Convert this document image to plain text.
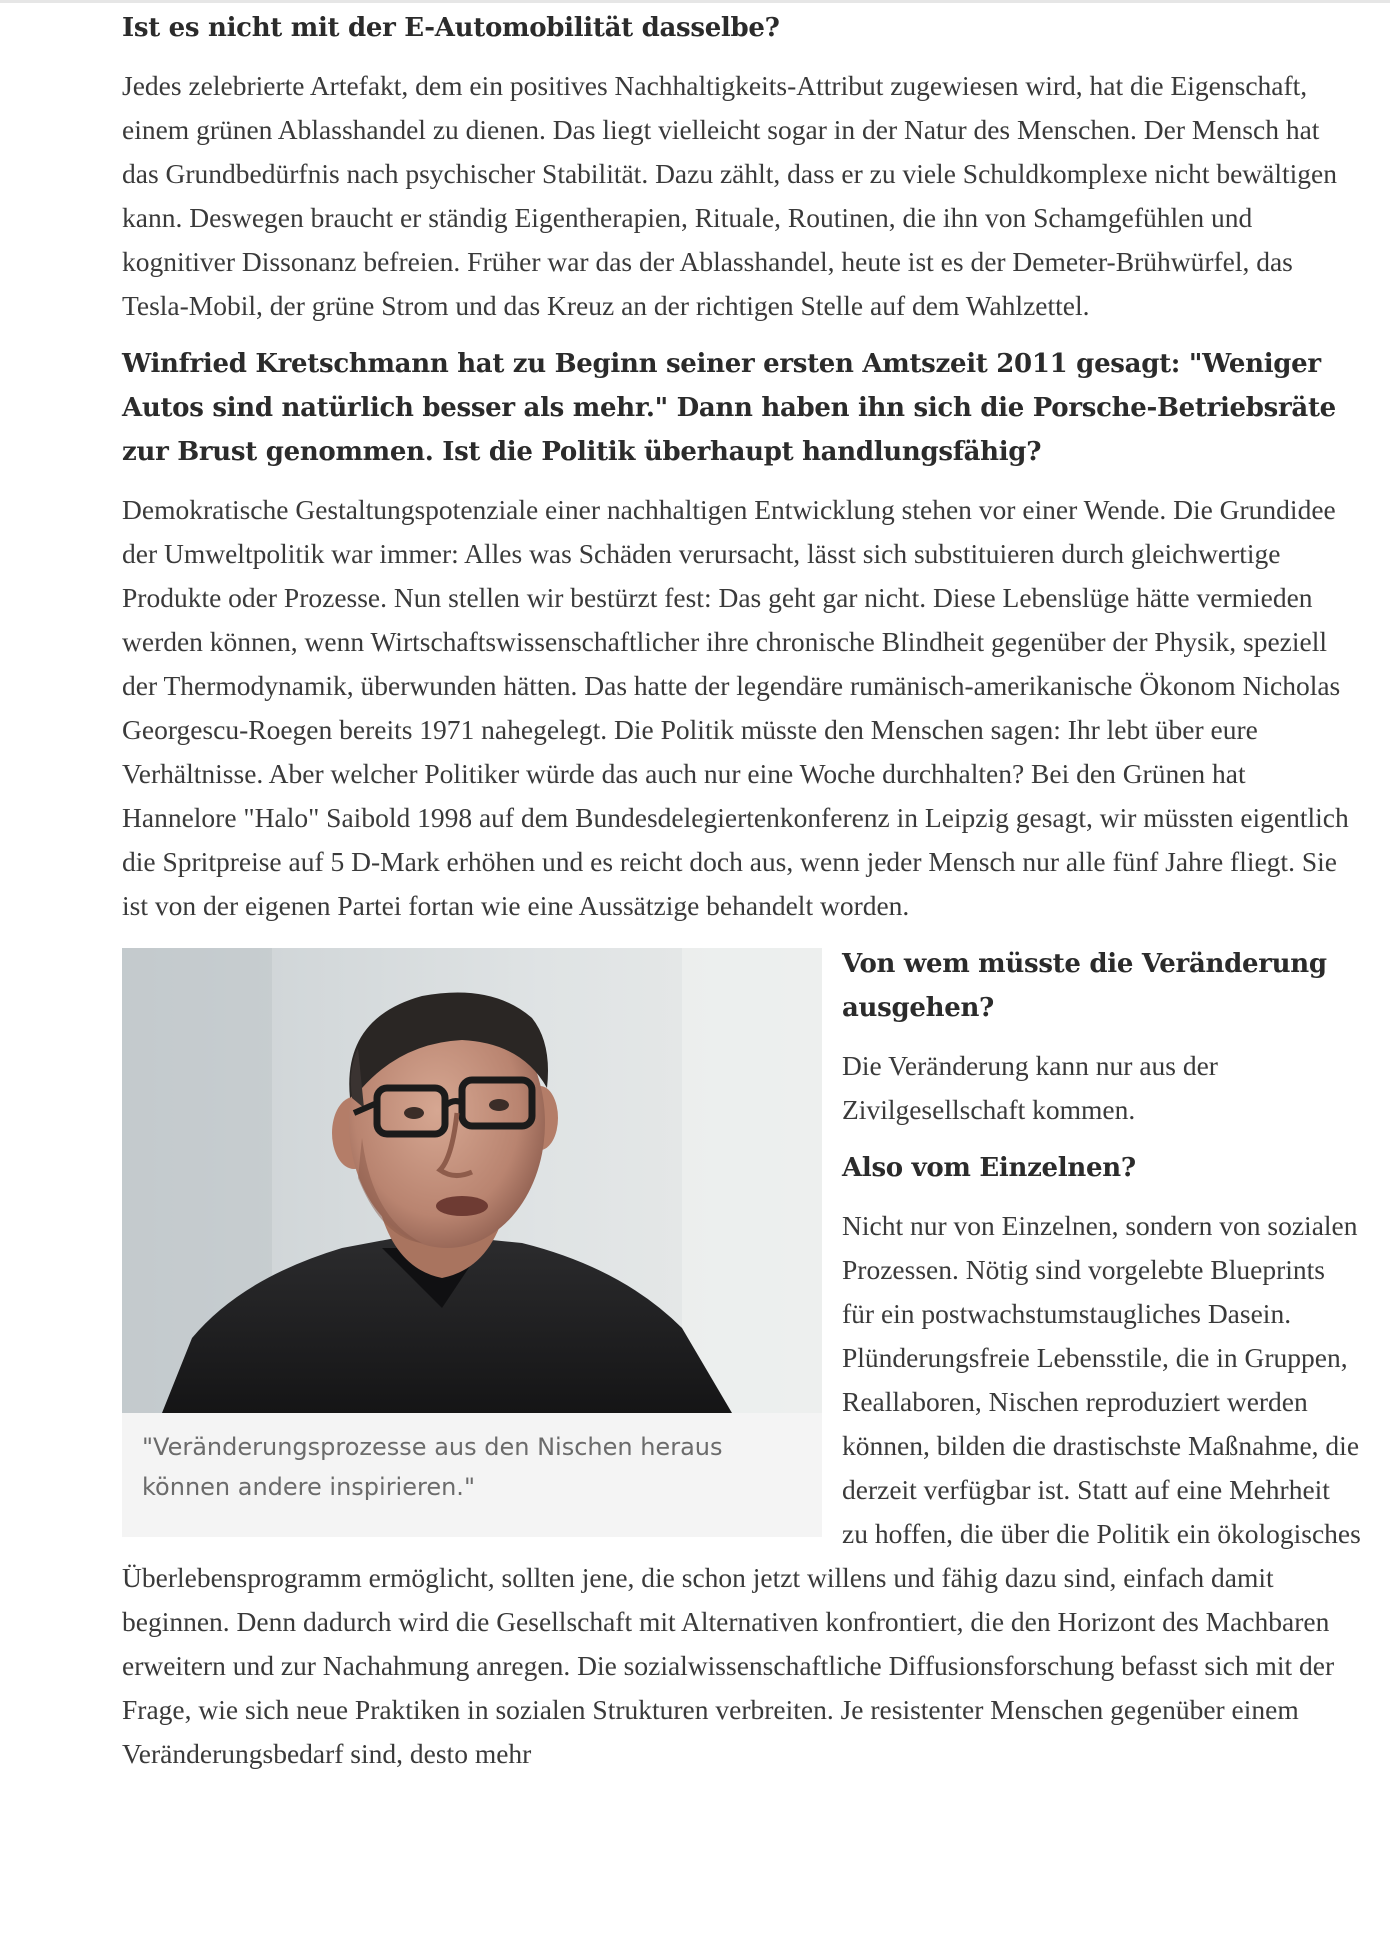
Ist es nicht mit der E-Automobilität dasselbe?

Jedes zelebrierte Artefakt, dem ein positives Nachhaltigkeits-Attribut zugewiesen wird, hat die Eigenschaft, einem grünen Ablasshandel zu dienen. Das liegt vielleicht sogar in der Natur des Menschen. Der Mensch hat das Grundbedürfnis nach psychischer Stabilität. Dazu zählt, dass er zu viele Schuldkomplexe nicht bewältigen kann. Deswegen braucht er ständig Eigentherapien, Rituale, Routinen, die ihn von Schamgefühlen und kognitiver Dissonanz befreien. Früher war das der Ablasshandel, heute ist es der Demeter-Brühwürfel, das Tesla-Mobil, der grüne Strom und das Kreuz an der richtigen Stelle auf dem Wahlzettel.

Winfried Kretschmann hat zu Beginn seiner ersten Amtszeit 2011 gesagt: "Weniger Autos sind natürlich besser als mehr." Dann haben ihn sich die Porsche-Betriebsräte zur Brust genommen. Ist die Politik überhaupt handlungsfähig?

Demokratische Gestaltungspotenziale einer nachhaltigen Entwicklung stehen vor einer Wende. Die Grundidee der Umweltpolitik war immer: Alles was Schäden verursacht, lässt sich substituieren durch gleichwertige Produkte oder Prozesse. Nun stellen wir bestürzt fest: Das geht gar nicht. Diese Lebenslüge hätte vermieden werden können, wenn Wirtschaftswissenschaftlicher ihre chronische Blindheit gegenüber der Physik, speziell der Thermodynamik, überwunden hätten. Das hatte der legendäre rumänisch-amerikanische Ökonom Nicholas Georgescu-Roegen bereits 1971 nahegelegt. Die Politik müsste den Menschen sagen: Ihr lebt über eure Verhältnisse. Aber welcher Politiker würde das auch nur eine Woche durchhalten? Bei den Grünen hat Hannelore "Halo" Saibold 1998 auf dem Bundesdelegiertenkonferenz in Leipzig gesagt, wir müssten eigentlich die Spritpreise auf 5 D-Mark erhöhen und es reicht doch aus, wenn jeder Mensch nur alle fünf Jahre fliegt. Sie ist von der eigenen Partei fortan wie eine Aussätzige behandelt worden.

"Veränderungsprozesse aus den Nischen heraus können andere inspirieren."

Von wem müsste die Veränderung ausgehen?

Die Veränderung kann nur aus der Zivilgesellschaft kommen.

Also vom Einzelnen?

Nicht nur von Einzelnen, sondern von sozialen Prozessen. Nötig sind vorgelebte Blueprints für ein postwachstumstaugliches Dasein. Plünderungsfreie Lebensstile, die in Gruppen, Reallaboren, Nischen reproduziert werden können, bilden die drastischste Maßnahme, die derzeit verfügbar ist. Statt auf eine Mehrheit zu hoffen, die über die Politik ein ökologisches Überlebensprogramm ermöglicht, sollten jene, die schon jetzt willens und fähig dazu sind, einfach damit beginnen. Denn dadurch wird die Gesellschaft mit Alternativen konfrontiert, die den Horizont des Machbaren erweitern und zur Nachahmung anregen. Die sozialwissenschaftliche Diffusionsforschung befasst sich mit der Frage, wie sich neue Praktiken in sozialen Strukturen verbreiten. Je resistenter Menschen gegenüber einem Veränderungsbedarf sind, desto mehr
